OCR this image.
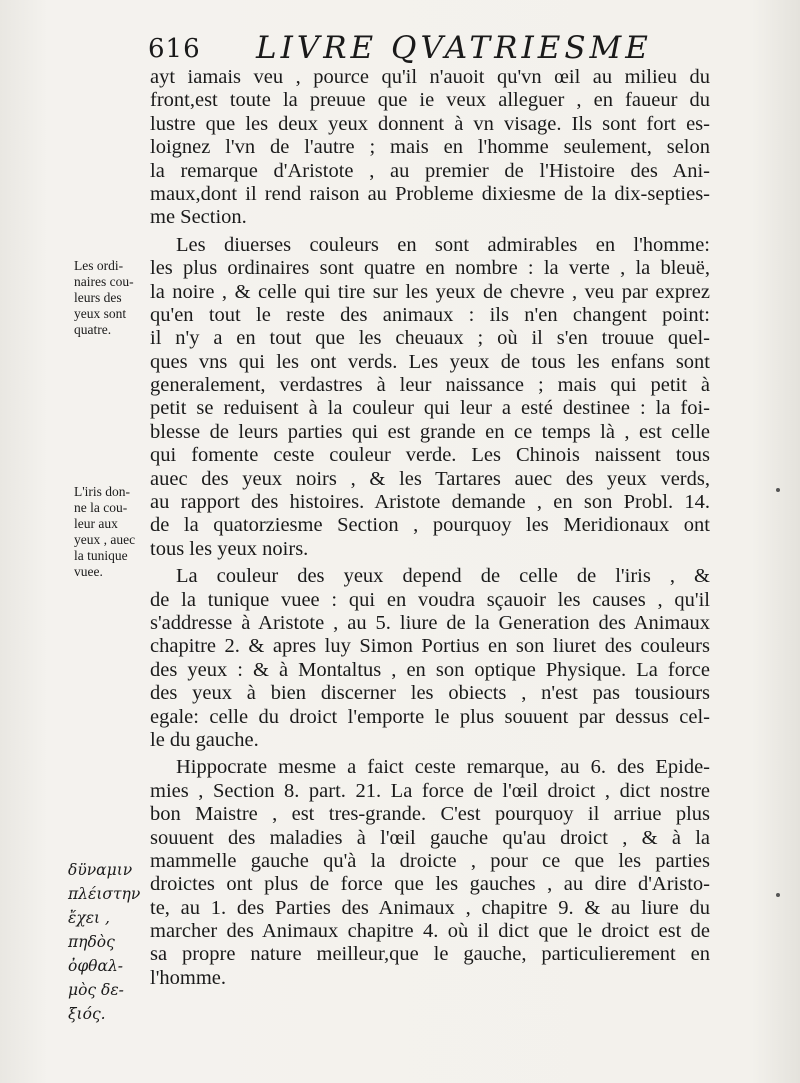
616 LIVRE QVATRIESME
ayt iamais veu , pource qu'il n'auoit qu'vn œil au milieu du
front,est toute la preuue que ie veux alleguer , en faueur du
lustre que les deux yeux donnent à vn visage. Ils sont fort es-
loignez l'vn de l'autre ; mais en l'homme seulement, selon
la remarque d'Aristote , au premier de l'Histoire des Ani-
maux,dont il rend raison au Probleme dixiesme de la dix-septies-
me Section.
Les diuerses couleurs en sont admirables en l'homme:
les plus ordinaires sont quatre en nombre : la verte , la bleuë,
la noire , & celle qui tire sur les yeux de chevre , veu par exprez
qu'en tout le reste des animaux : ils n'en changent point:
il n'y a en tout que les cheuaux ; où il s'en trouue quel-
ques vns qui les ont verds. Les yeux de tous les enfans sont
generalement, verdastres à leur naissance ; mais qui petit à
petit se reduisent à la couleur qui leur a esté destinee : la foi-
blesse de leurs parties qui est grande en ce temps là , est celle
qui fomente ceste couleur verde. Les Chinois naissent tous
auec des yeux noirs , & les Tartares auec des yeux verds,
au rapport des histoires. Aristote demande , en son Probl. 14.
de la quatorziesme Section , pourquoy les Meridionaux ont
tous les yeux noirs.
La couleur des yeux depend de celle de l'iris , &
de la tunique vuee : qui en voudra sçauoir les causes , qu'il
s'addresse à Aristote , au 5. liure de la Generation des Animaux
chapitre 2. & apres luy Simon Portius en son liuret des couleurs
des yeux : & à Montaltus , en son optique Physique. La force
des yeux à bien discerner les obiects , n'est pas tousiours
egale: celle du droict l'emporte le plus souuent par dessus cel-
le du gauche.
Hippocrate mesme a faict ceste remarque, au 6. des Epide-
mies , Section 8. part. 21. La force de l'œil droict , dict nostre
bon Maistre , est tres-grande. C'est pourquoy il arriue plus
souuent des maladies à l'œil gauche qu'au droict , & à la
mammelle gauche qu'à la droicte , pour ce que les parties
droictes ont plus de force que les gauches , au dire d'Aristo-
te, au 1. des Parties des Animaux , chapitre 9. & au liure du
marcher des Animaux chapitre 4. où il dict que le droict est de
sa propre nature meilleur,que le gauche, particulierement en
l'homme.
Les ordi-
naires cou-
leurs des
yeux sont
quatre.
L'iris don-
ne la cou-
leur aux
yeux , auec
la tunique
vuee.
δϋναμιν
πλέιστην
ἔχει ,
πηδὸς
ὀφθαλ-
μὸς δε-
ξιός.
